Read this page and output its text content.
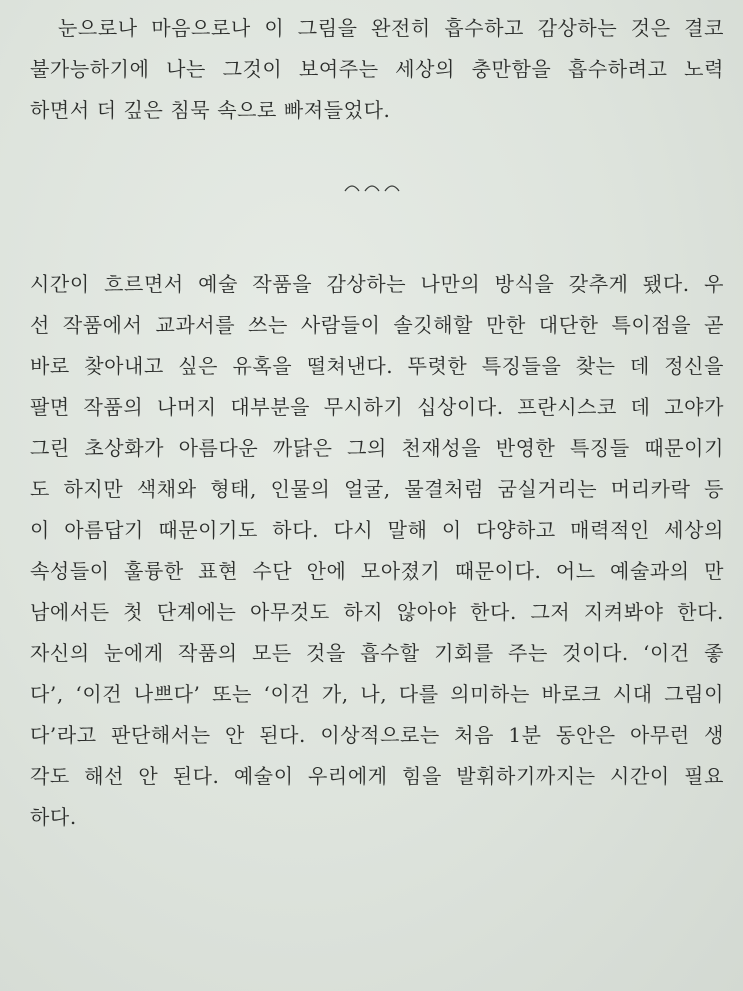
눈으로나 마음으로나 이 그림을 완전히 흡수하고 감상하는 것은 결코
불가능하기에 나는 그것이 보여주는 세상의 충만함을 흡수하려고 노력
하면서 더 깊은 침묵 속으로 빠져들었다.
시간이 흐르면서 예술 작품을 감상하는 나만의 방식을 갖추게 됐다. 우
선 작품에서 교과서를 쓰는 사람들이 솔깃해할 만한 대단한 특이점을 곧
바로 찾아내고 싶은 유혹을 떨쳐낸다. 뚜렷한 특징들을 찾는 데 정신을
팔면 작품의 나머지 대부분을 무시하기 십상이다. 프란시스코 데 고야가
그린 초상화가 아름다운 까닭은 그의 천재성을 반영한 특징들 때문이기
도 하지만 색채와 형태, 인물의 얼굴, 물결처럼 굼실거리는 머리카락 등
이 아름답기 때문이기도 하다. 다시 말해 이 다양하고 매력적인 세상의
속성들이 훌륭한 표현 수단 안에 모아졌기 때문이다. 어느 예술과의 만
남에서든 첫 단계에는 아무것도 하지 않아야 한다. 그저 지켜봐야 한다.
자신의 눈에게 작품의 모든 것을 흡수할 기회를 주는 것이다. ‘이건 좋
다’, ‘이건 나쁘다’ 또는 ‘이건 가, 나, 다를 의미하는 바로크 시대 그림이
다’라고 판단해서는 안 된다. 이상적으로는 처음 1분 동안은 아무런 생
각도 해선 안 된다. 예술이 우리에게 힘을 발휘하기까지는 시간이 필요
하다.
